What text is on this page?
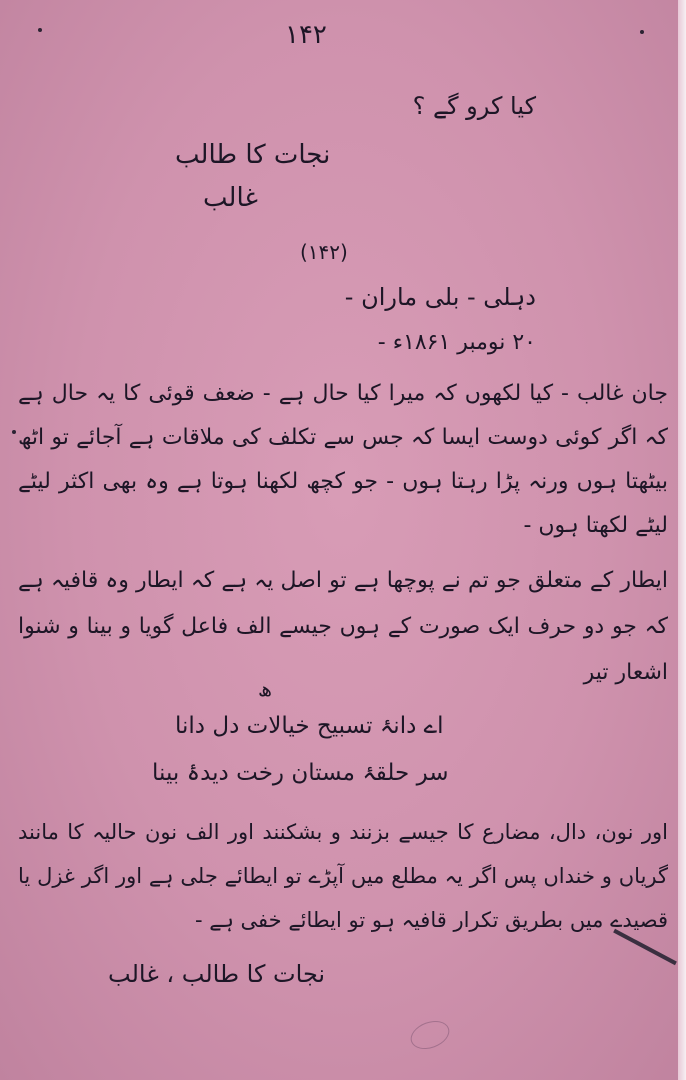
۱۴۲
کیا کرو گے ؟
نجات کا طالب
غالب
(۱۴۲)
دہلی - بلی ماران -
۲۰ نومبر ۱۸۶۱ء -
جان غالب - کیا لکھوں کہ میرا کیا حال ہے - ضعف قوئی کا یہ حال ہے کہ اگر کوئی دوست ایسا کہ جس سے تکلف کی ملاقات ہے آجائے تو اٹھ بیٹھتا ہوں ورنہ پڑا رہتا ہوں - جو کچھ لکھنا ہوتا ہے وہ بھی اکثر لیٹے لیٹے لکھتا ہوں -
ایطار کے متعلق جو تم نے پوچھا ہے تو اصل یہ ہے کہ ایطار وہ قافیہ ہے کہ جو دو حرف ایک صورت کے ہوں جیسے الف فاعل گویا و بینا و شنوا اشعار تیر
ھ
اے دانۂ تسبیح خیالات دل دانا
سر حلقۂ مستان رخت دیدۂ بینا
اور نون، دال، مضارع کا جیسے بزنند و بشکنند اور الف نون حالیہ کا مانند گریاں و خنداں پس اگر یہ مطلع میں آپڑے تو ایطائے جلی ہے اور اگر غزل یا قصیدے میں بطریق تکرار قافیہ ہو تو ایطائے خفی ہے -
نجات کا طالب ، غالب
